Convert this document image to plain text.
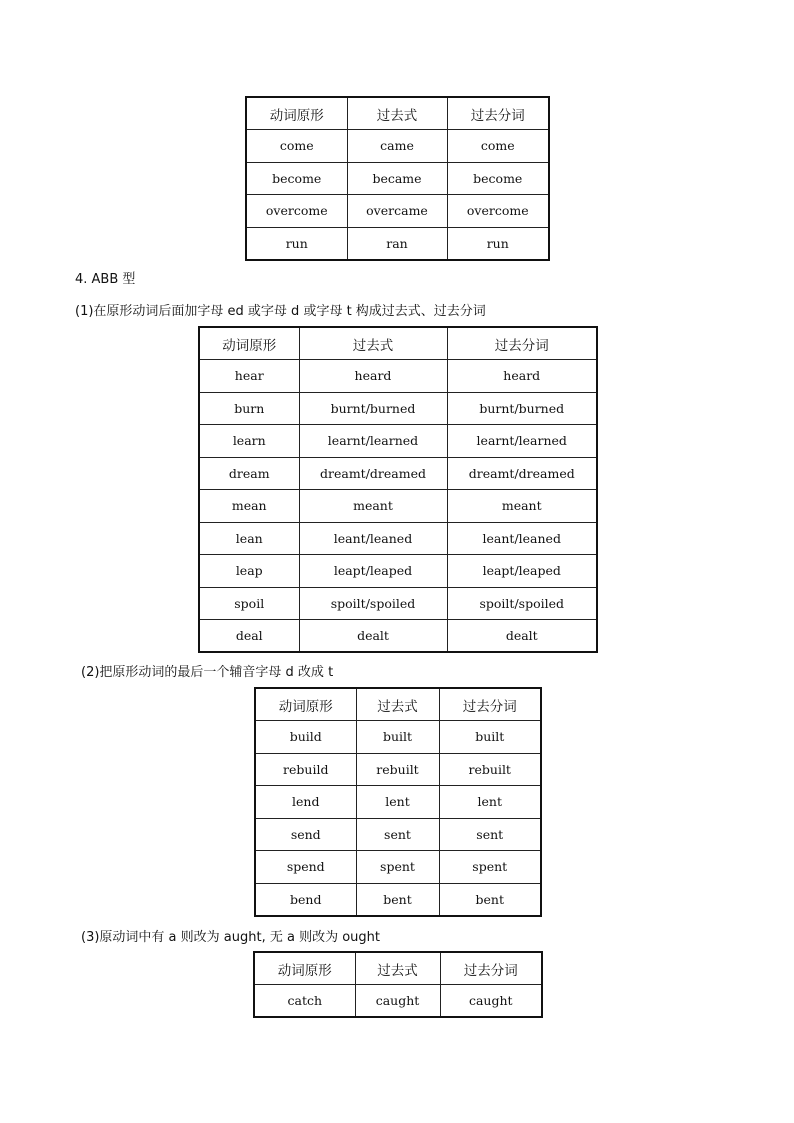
动词原形	过去式	过去分词
come	came	come
become	became	become
overcome	overcame	overcome
run	ran	run
4. ABB 型
(1)在原形动词后面加字母 ed 或字母 d 或字母 t 构成过去式、过去分词
动词原形	过去式	过去分词
hear	heard	heard
burn	burnt/burned	burnt/burned
learn	learnt/learned	learnt/learned
dream	dreamt/dreamed	dreamt/dreamed
mean	meant	meant
lean	leant/leaned	leant/leaned
leap	leapt/leaped	leapt/leaped
spoil	spoilt/spoiled	spoilt/spoiled
deal	dealt	dealt
(2)把原形动词的最后一个辅音字母 d 改成 t
动词原形	过去式	过去分词
build	built	built
rebuild	rebuilt	rebuilt
lend	lent	lent
send	sent	sent
spend	spent	spent
bend	bent	bent
(3)原动词中有 a 则改为 aught, 无 a 则改为 ought
动词原形	过去式	过去分词
catch	caught	caught
